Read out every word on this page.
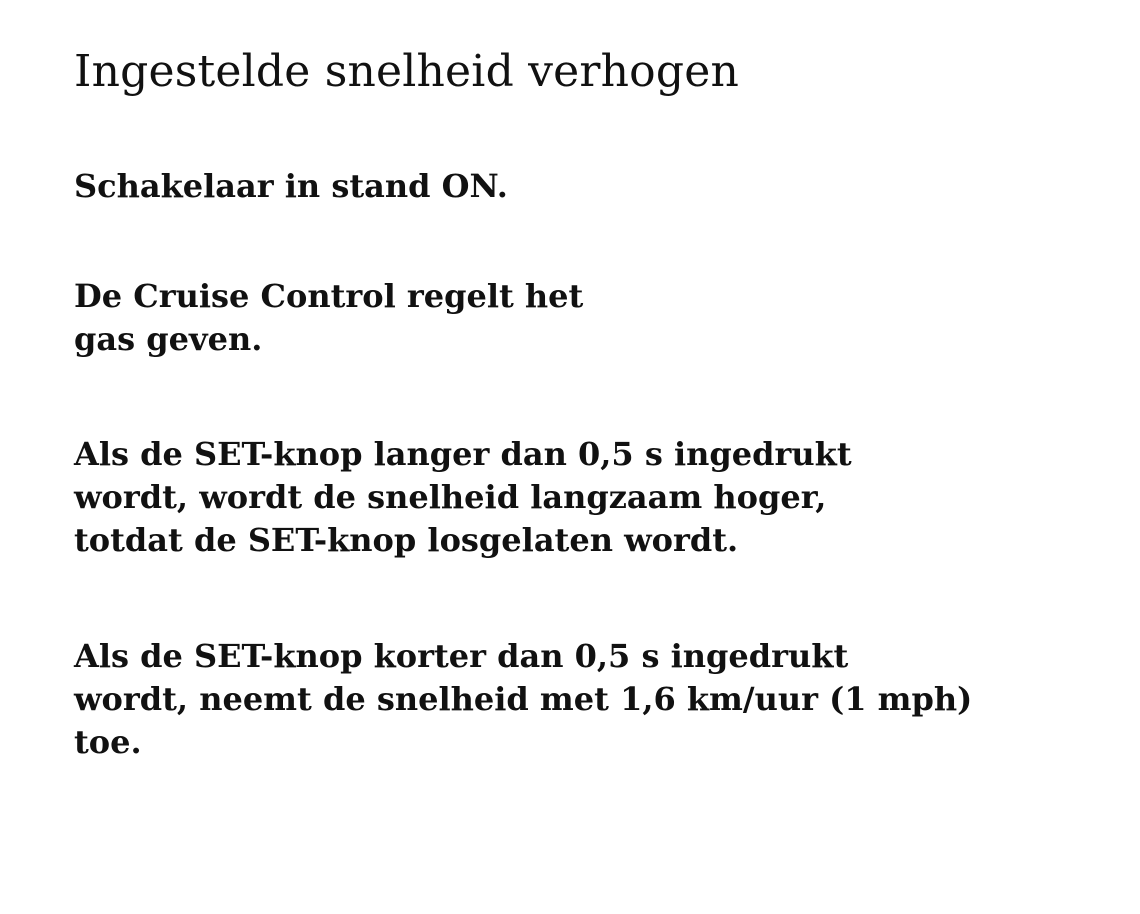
Ingestelde snelheid verhogen

Schakelaar in stand ON.

De Cruise Control regelt het
gas geven.

Als de SET-knop langer dan 0,5 s ingedrukt
wordt, wordt de snelheid langzaam hoger,
totdat de SET-knop losgelaten wordt.

Als de SET-knop korter dan 0,5 s ingedrukt
wordt, neemt de snelheid met 1,6 km/uur (1 mph)
toe.
